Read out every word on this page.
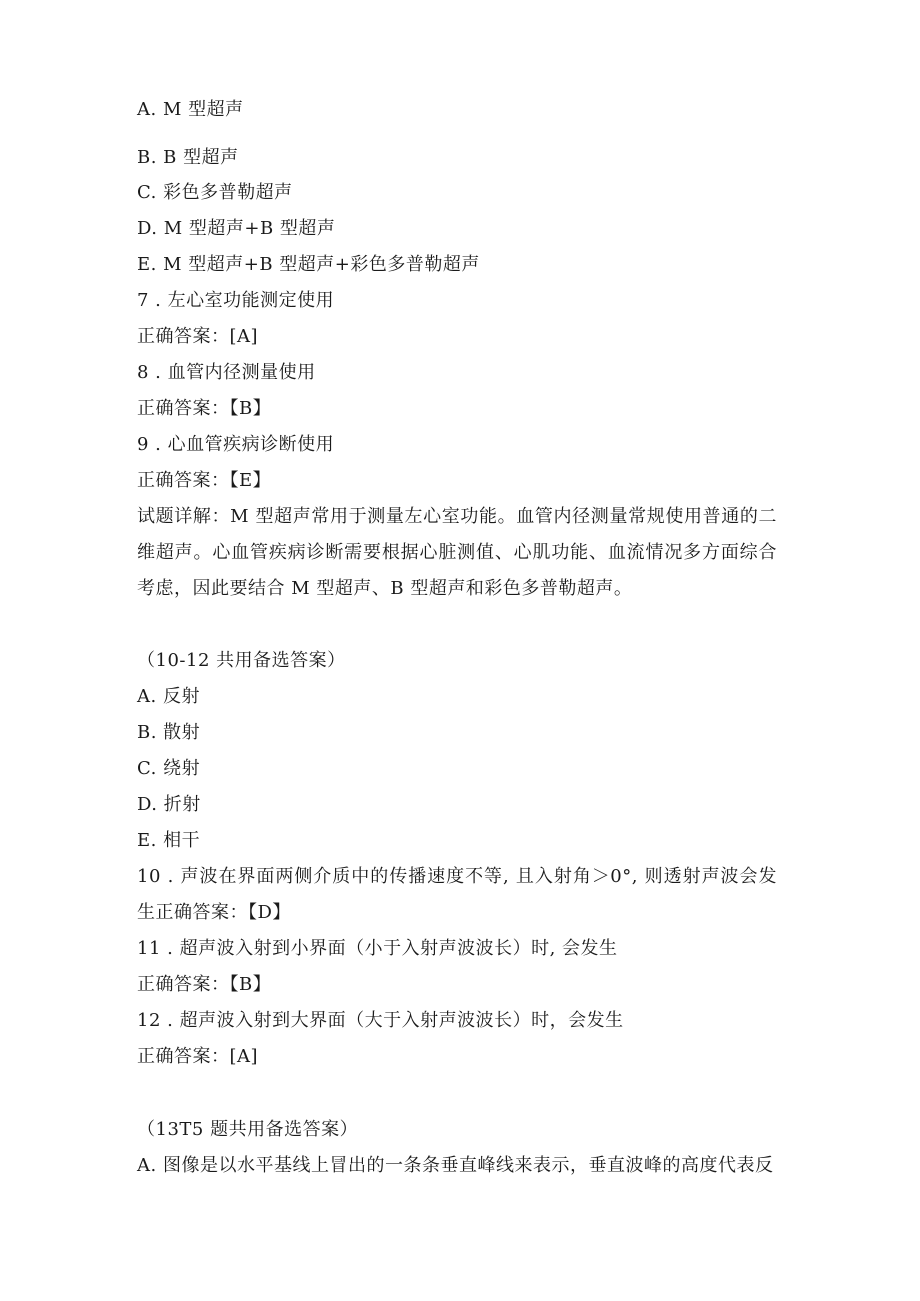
A. M 型超声
B. B 型超声
C. 彩色多普勒超声
D. M 型超声+B 型超声
E. M 型超声+B 型超声+彩色多普勒超声
7 . 左心室功能测定使用
正确答案：[A]
8 . 血管内径测量使用
正确答案：【B】
9 . 心血管疾病诊断使用
正确答案：【E】
试题详解：M 型超声常用于测量左心室功能。血管内径测量常规使用普通的二维超声。心血管疾病诊断需要根据心脏测值、心肌功能、血流情况多方面综合考虑，因此要结合 M 型超声、B 型超声和彩色多普勒超声。
（10-12 共用备选答案）
A. 反射
B. 散射
C. 绕射
D. 折射
E. 相干
10 . 声波在界面两侧介质中的传播速度不等, 且入射角＞0°, 则透射声波会发生正确答案：【D】
11 . 超声波入射到小界面（小于入射声波波长）时, 会发生
正确答案：【B】
12 . 超声波入射到大界面（大于入射声波波长）时，会发生
正确答案：[A]
（13T5 题共用备选答案）
A. 图像是以水平基线上冒出的一条条垂直峰线来表示，垂直波峰的高度代表反
